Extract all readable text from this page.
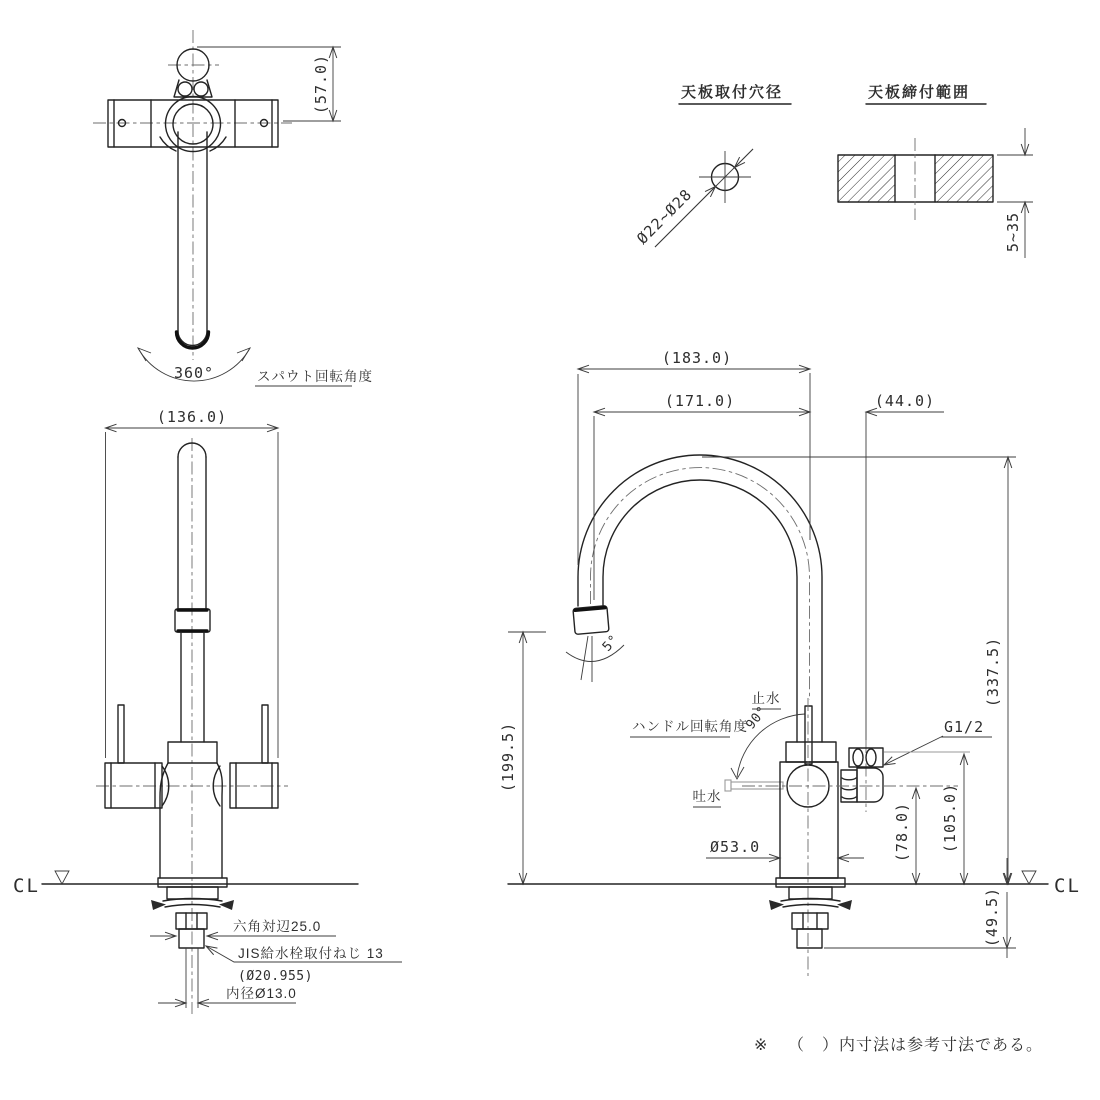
360°	スパウト回転角度
(57.0)	天板取付穴径
Ø22~Ø28
天板締付範囲
5~35
(136.0)
CL
六角対辺25.0
JIS給水栓取付ねじ 13
(Ø20.955)
内径Ø13.0
5°
(183.0)
(171.0)	(44.0)
(199.5)
(337.5)
止水
90°
ハンドル回転角度
吐水
G1/2
Ø53.0	(78.0) (105.0)
CL
(49.5)
※ （　）内寸法は参考寸法である。
